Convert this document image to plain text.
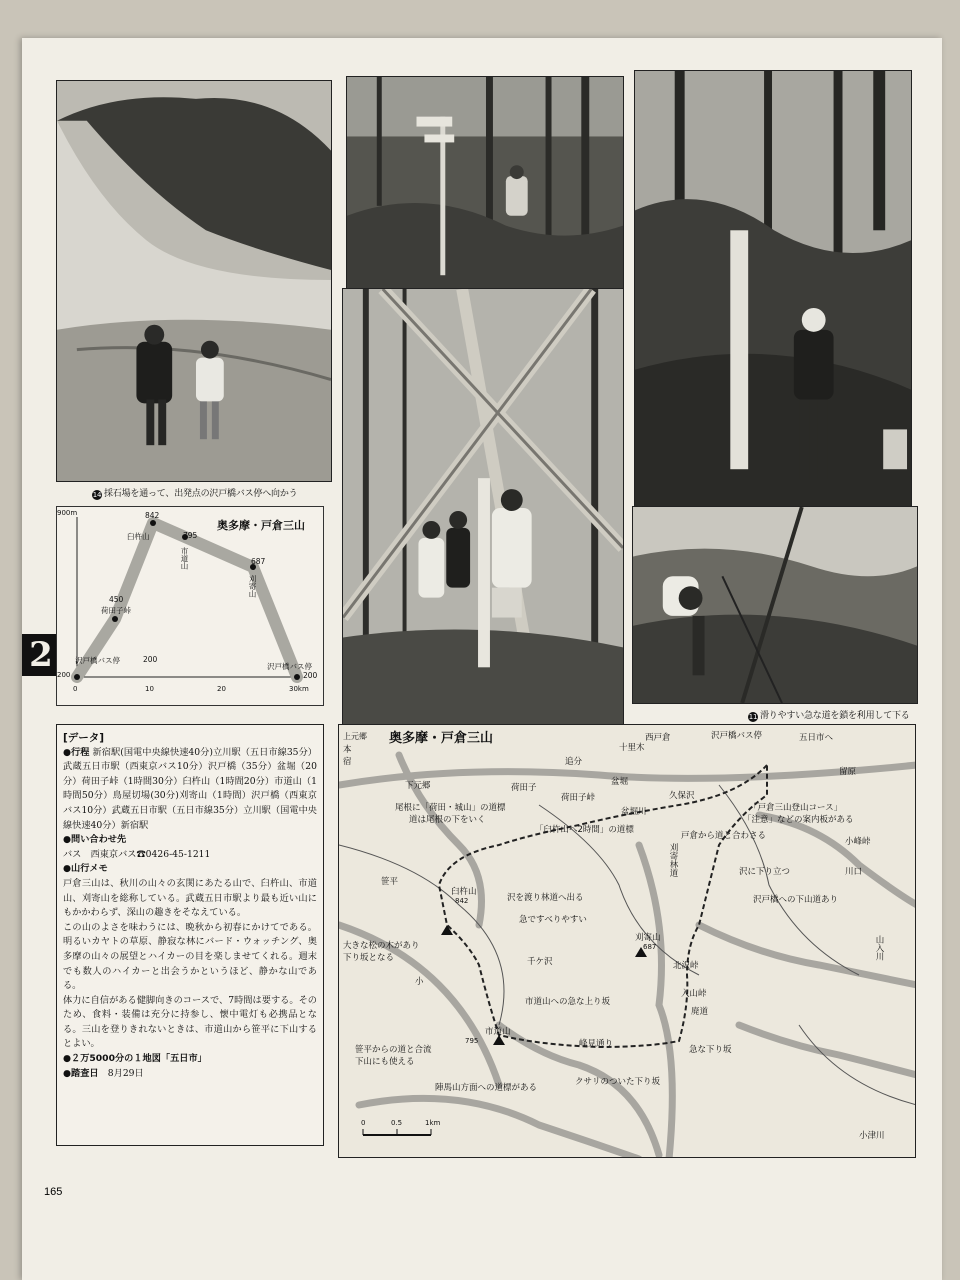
14 採石場を通って、出発点の沢戸橋バス停へ向かう
11 滑りやすい急な道を鎖を利用して下る
2
奥多摩・戸倉三山
900m
200
0	10	20	30km
沢戸橋バス停	200
荷田子峠
450
臼杵山
842
市道山
795
刈寄山
687
沢戸橋バス停
200
[データ]

●行程 新宿駅(国電中央線快速40分)立川駅（五日市線35分）武蔵五日市駅（西東京バス10分）沢戸橋（35分）盆堀（20分）荷田子峠（1時間30分）臼杵山（1時間20分）市道山（1時間50分）鳥屋切場(30分)刈寄山（1時間）沢戸橋（西東京バス10分）武蔵五日市駅（五日市線35分）立川駅（国電中央線快速40分）新宿駅

●問い合わせ先

バス　西東京バス☎0426-45-1211

●山行メモ

戸倉三山は、秋川の山々の玄関にあたる山で、臼杵山、市道山、刈寄山を総称している。武蔵五日市駅より最も近い山にもかかわらず、深山の趣きをそなえている。
この山のよさを味わうには、晩秋から初春にかけてである。明るいカヤトの草原、静寂な林にバード・ウォッチング、奥多摩の山々の展望とハイカーの目を楽しませてくれる。週末でも数人のハイカーと出会うかというほど、静かな山である。
体力に自信がある健脚向きのコースで、7時間は要する。そのため、食料・装備は充分に持参し、懐中電灯も必携品となる。三山を登りきれないときは、市道山から笹平に下山するとよい。

●２万5000分の１地図「五日市」

●踏査日　 8月29日

奥多摩・戸倉三山
上元郷
本
宿
下元郷
西戸倉	沢戸橋バス停	五日市へ
十里木
追分
荷田子
荷田子峠
盆堀
盆堀川
久保沢
留原
尾根に「荷田・城山」の道標
道は尾根の下をいく
「臼杵山へ2時間」の道標
「戸倉三山登山コース」
「注意」などの案内板がある
戸倉から道と合わさる
小峰峠
刈寄林道	沢に下り立つ	川口
笹平
臼杵山
842	沢を渡り林道へ出る
急ですべりやすい
沢戸橋への下山道あり
大きな松の木があり
下り坂となる
刈寄山
687	山入川
北沢峠
千ケ沢
市道山への急な上り坂
入山峠
廃道
市道山
795
小
笹平からの道と合流
下山にも使える
峰見通り
急な下り坂
クサリのついた下り坂
陣馬山方面への道標がある
小津川
0	0.5	1km
165
